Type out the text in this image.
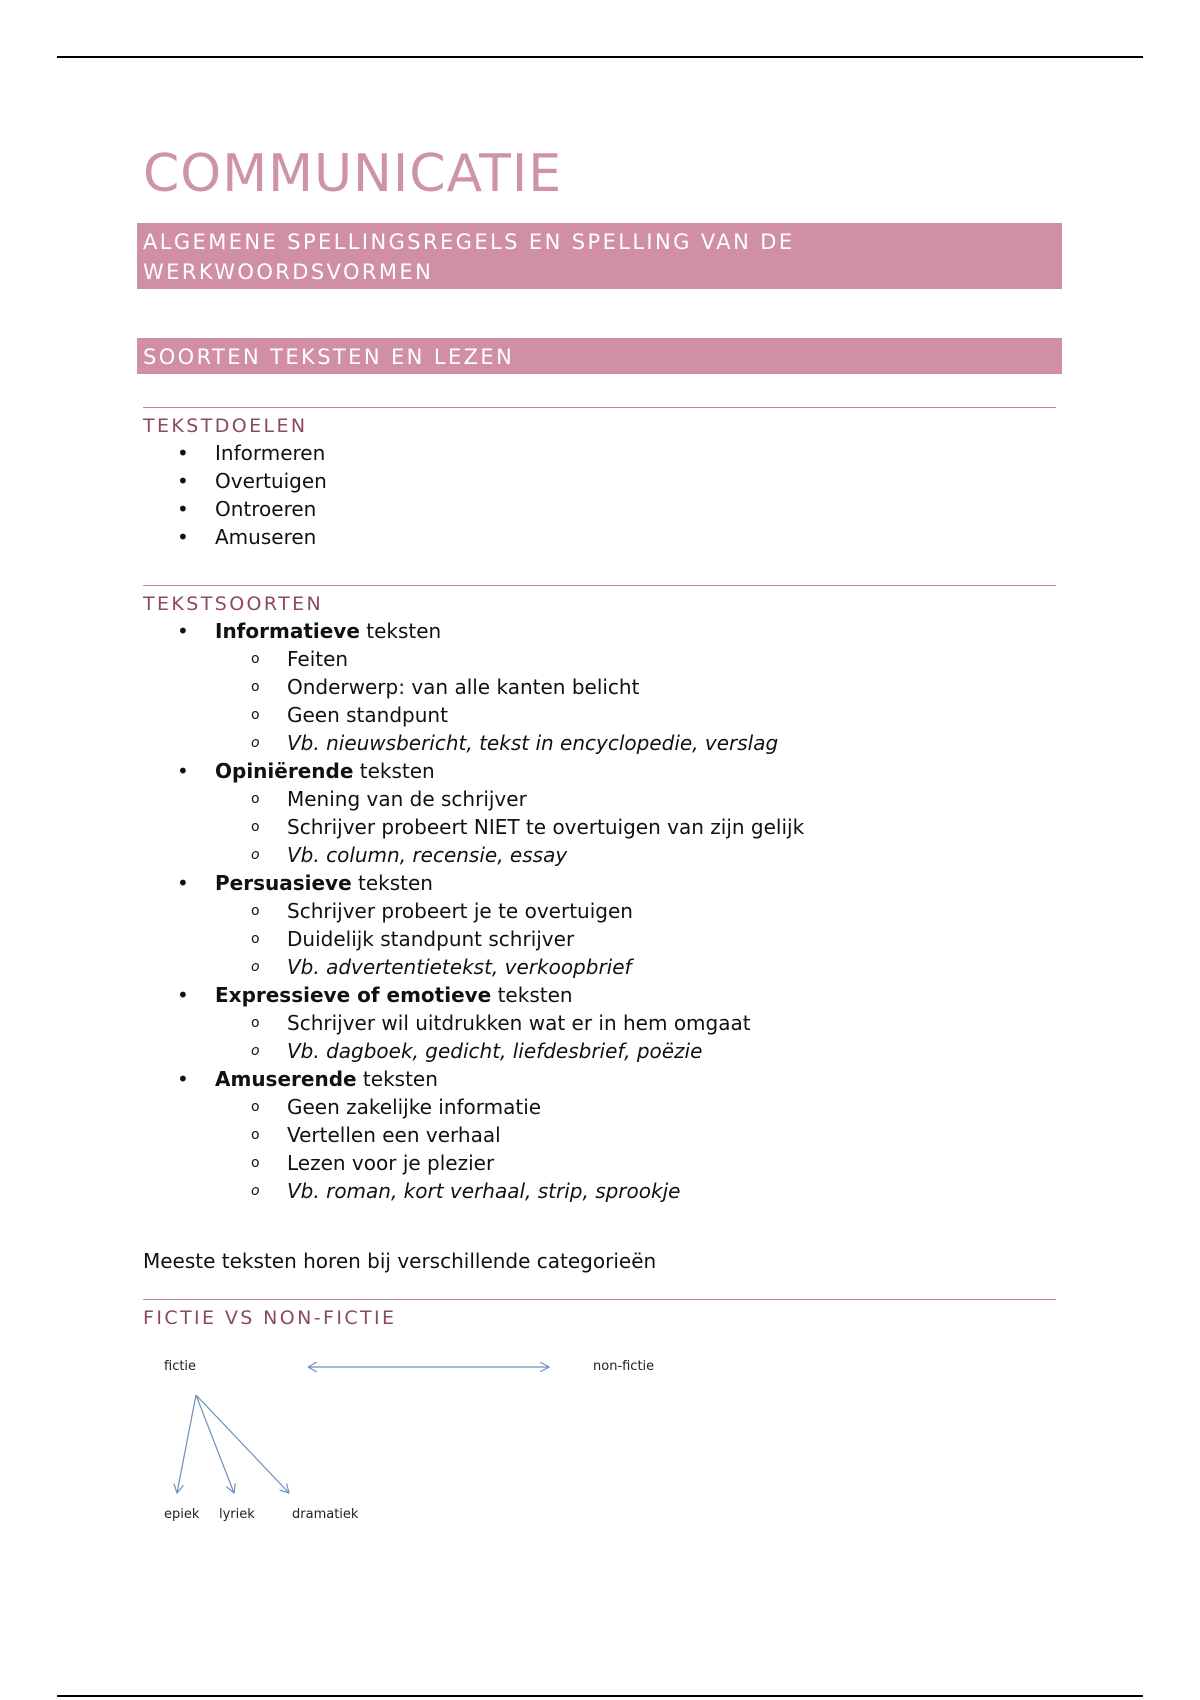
COMMUNICATIE
ALGEMENE SPELLINGSREGELS EN SPELLING VAN DE
WERKWOORDSVORMEN
SOORTEN TEKSTEN EN LEZEN
TEKSTDOELEN
• Informeren
• Overtuigen
• Ontroeren
• Amuseren
TEKSTSOORTEN
• Informatieve teksten
o Feiten
o Onderwerp: van alle kanten belicht
o Geen standpunt
o Vb. nieuwsbericht, tekst in encyclopedie, verslag
• Opiniërende teksten
o Mening van de schrijver
o Schrijver probeert NIET te overtuigen van zijn gelijk
o Vb. column, recensie, essay
• Persuasieve teksten
o Schrijver probeert je te overtuigen
o Duidelijk standpunt schrijver
o Vb. advertentietekst, verkoopbrief
• Expressieve of emotieve teksten
o Schrijver wil uitdrukken wat er in hem omgaat
o Vb. dagboek, gedicht, liefdesbrief, poëzie
• Amuserende teksten
o Geen zakelijke informatie
o Vertellen een verhaal
o Lezen voor je plezier
o Vb. roman, kort verhaal, strip, sprookje
Meeste teksten horen bij verschillende categorieën
FICTIE VS NON-FICTIE
fictie	non-fictie
epiek lyriek	dramatiek
